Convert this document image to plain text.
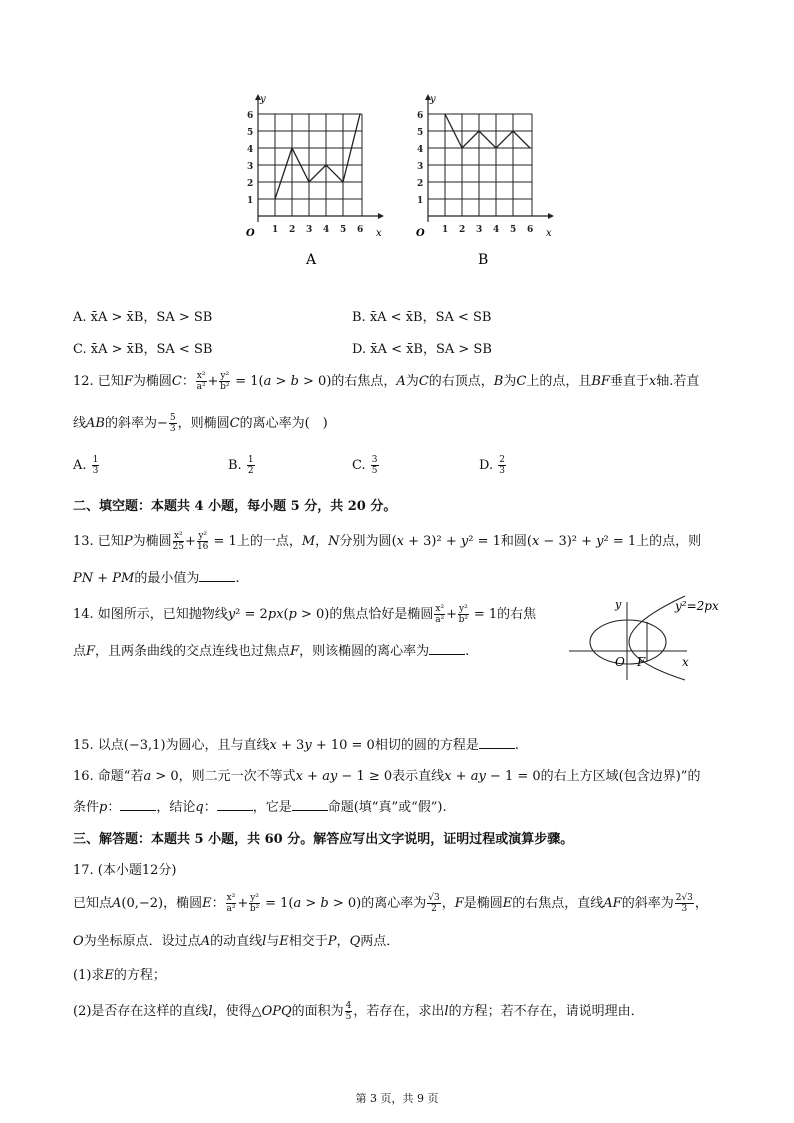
1 2 3 4 5 6
1
2
3
4
5
6
O	x
y
A
1 2 3 4 5 6
1
2
3
4
5
6
O	x
y
B
A. x̄A > x̄B，SA > SB	B. x̄A < x̄B，SA < SB
C. x̄A > x̄B，SA < SB	D. x̄A < x̄B，SA > SB
12. 已知F为椭圆C： $\frac{\text{x²}}{\text{a²}} + \frac{\text{y²}}{\text{b²}} = 1(a > b > 0)$的右焦点，A为C的右顶点，B为C上的点，且BF垂直于x轴.若直
线AB的斜率为− $\frac{5}{3}$ ，则椭圆C的离心率为(　)
A. $\frac{1}{3}$	B. $\frac{1}{2}$	C. $\frac{3}{5}$	D. $\frac{2}{3}$
二、填空题：本题共 4 小题，每小题 5 分，共 20 分。
13. 已知P为椭圆 $\frac{\text{x²}}{25} + \frac{\text{y²}}{16} = 1$上的一点，M，N分别为圆(x + 3)² + y² = 1和圆(x − 3)² + y² = 1上的点，则
PN + PM的最小值为	.
14. 如图所示，已知抛物线y² = 2px(p > 0)的焦点恰好是椭圆 $\frac{\text{x²}}{\text{a²}} + \frac{\text{y²}}{\text{b²}} = 1$的右焦
点F，且两条曲线的交点连线也过焦点F，则该椭圆的离心率为	.
y	y²=2px
O F	x
15. 以点(−3,1)为圆心，且与直线x + 3y + 10 = 0相切的圆的方程是	.
16. 命题“若a > 0，则二元一次不等式x + ay − 1 ≥ 0表示直线x + ay − 1 = 0的右上方区域(包含边界)”的
条件p：	，结论q：	，它是	命题(填“真”或“假”).
三、解答题：本题共 5 小题，共 60 分。解答应写出文字说明，证明过程或演算步骤。
17. (本小题12分)
已知点A(0,−2)，椭圆E： $\frac{\text{x²}}{\text{a²}} + \frac{\text{y²}}{\text{b²}} = 1(a > b > 0)$的离心率为 $\frac{√3}{2}$ ，F是椭圆E的右焦点，直线AF的斜率为 $\frac{2√3}{3}$ ，
O为坐标原点．设过点A的动直线l与E相交于P，Q两点．
(1)求E的方程；
(2)是否存在这样的直线l，使得△OPQ的面积为 $\frac{4}{5}$ ，若存在，求出l的方程；若不存在，请说明理由．
第 3 页，共 9 页
